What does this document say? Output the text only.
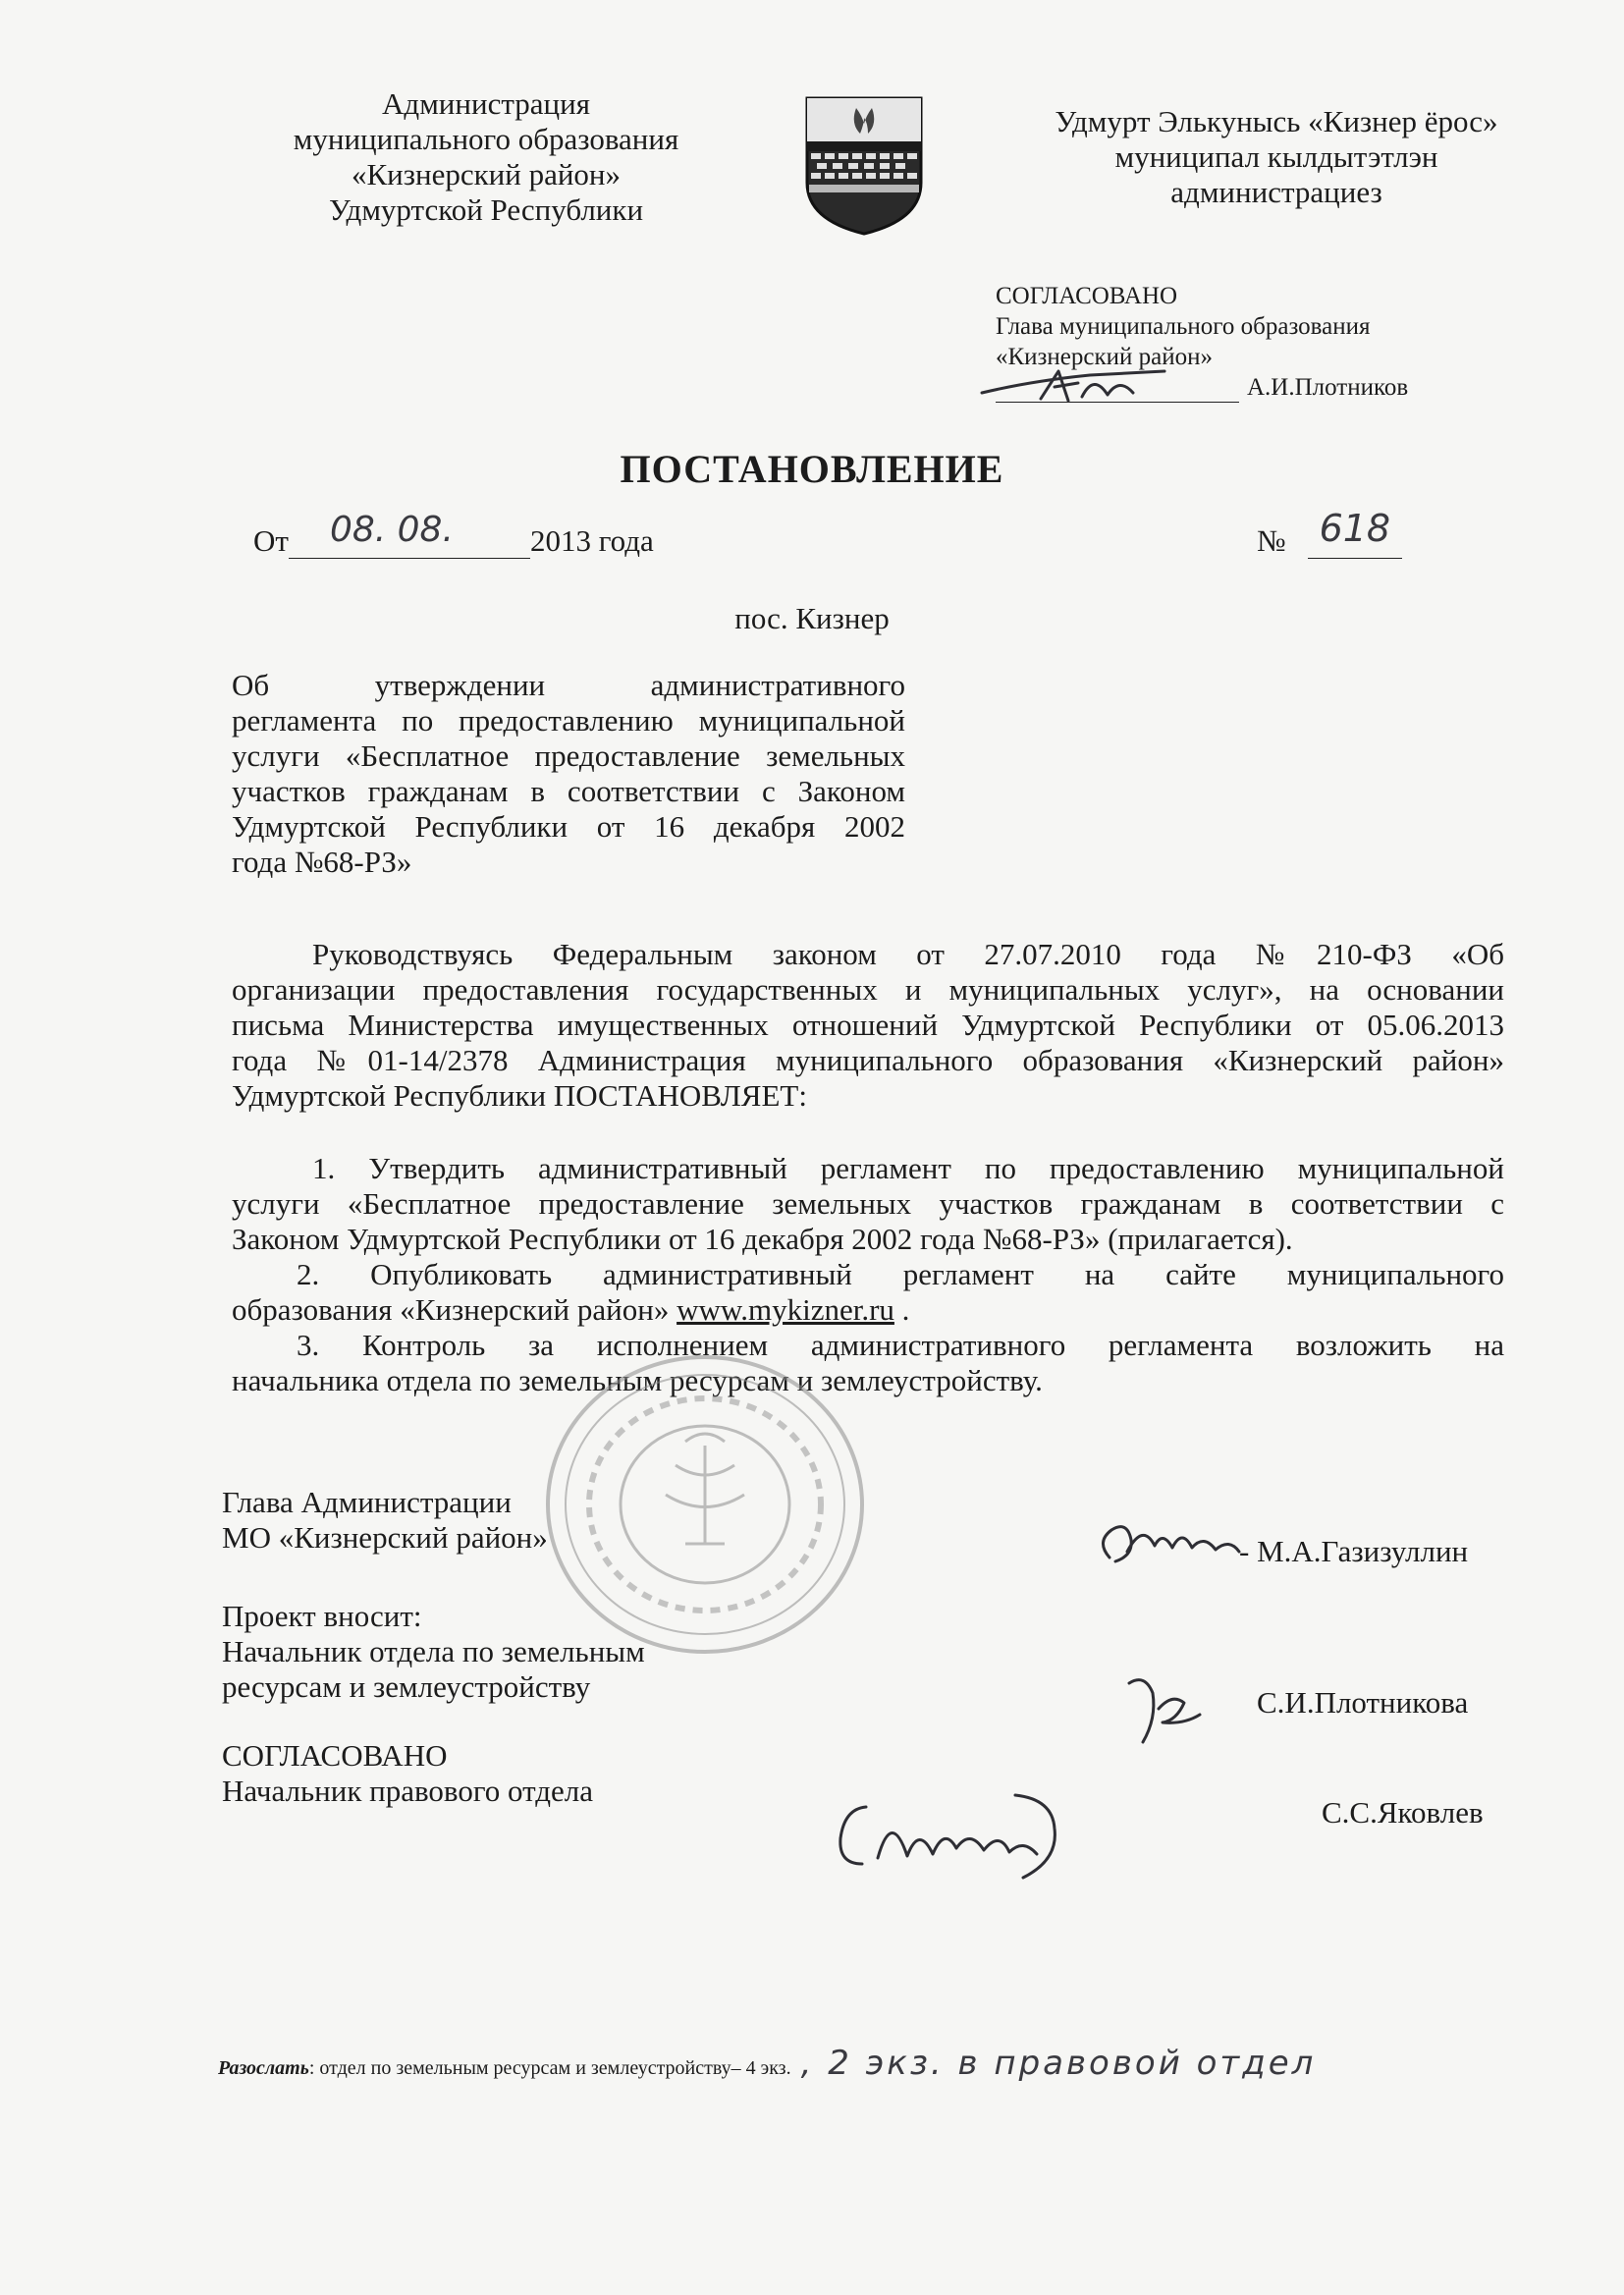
Администрация
муниципального образования
«Кизнерский район»
Удмуртской Республики
Удмурт Элькунысь «Кизнер ёрос»
муниципал кылдытэтлэн
администрациез
СОГЛАСОВАНО
Глава муниципального образования
«Кизнерский район»
А.И.Плотников
ПОСТАНОВЛЕНИЕ
От 08. 08.	2013 года	№ 618
пос. Кизнер
Об утверждении административного
регламента по предоставлению муниципальной
услуги «Бесплатное предоставление земельных
участков гражданам в соответствии с Законом
Удмуртской Республики от 16 декабря 2002
года №68-РЗ»
Руководствуясь Федеральным законом от 27.07.2010 года №210-ФЗ «Об
организации предоставления государственных и муниципальных услуг», на основании
письма Министерства имущественных отношений Удмуртской Республики от 05.06.2013
года №01-14/2378 Администрация муниципального образования «Кизнерский район»
Удмуртской Республики ПОСТАНОВЛЯЕТ:
1. Утвердить административный регламент по предоставлению муниципальной
услуги «Бесплатное предоставление земельных участков гражданам в соответствии с
Законом Удмуртской Республики от 16 декабря 2002 года №68-РЗ» (прилагается).
2. Опубликовать административный регламент на сайте муниципального
образования «Кизнерский район» www.mykizner.ru .
3. Контроль за исполнением административного регламента возложить на
начальника отдела по земельным ресурсам и землеустройству.
Глава Администрации
МО «Кизнерский район»	- М.А.Газизуллин
Проект вносит:
Начальник отдела по земельным
ресурсам и землеустройству	С.И.Плотникова
СОГЛАСОВАНО
Начальник правового отдела
С.С.Яковлев
Разослать: отдел по земельным ресурсам и землеустройству– 4 экз. , 2 экз. в правовой отдел
